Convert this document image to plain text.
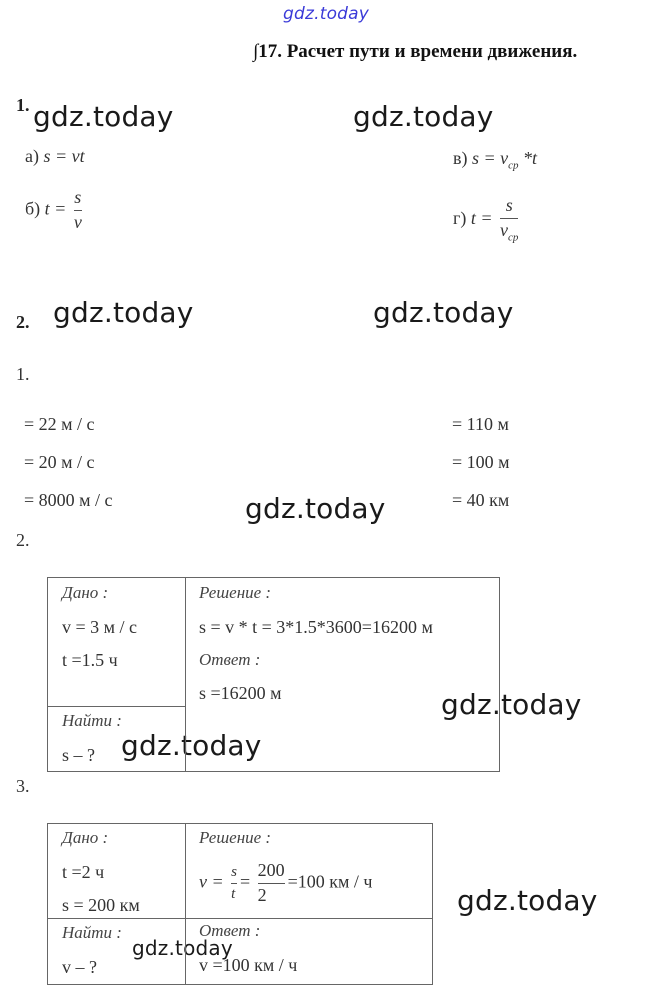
gdz.today
gdz.today	gdz.today
gdz.today	gdz.today
gdz.today
gdz.today
gdz.today
gdz.today
gdz.today
∫17. Расчет пути и времени движения.
1.
а) s = vt
б) $t = \frac{s}{v}$
в) $s = v_{ср}$ *t
г) $t = \frac{s}{v_{ср}}$
2.
1.
= 22 м / с
= 20 м / с
= 8000 м / с
= 110 м
= 100 м
= 40 км
2.
Дано :
v = 3 м / с
t =1.5 ч
Найти :
s – ?
Решение :
s = v * t = 3*1.5*3600=16200 м
Ответ :
s =16200 м
3.
Дано :
t =2 ч
s = 200 км
Найти :
v – ?
Решение :
$v = \frac{s}{t} = \frac{200}{2} =100$ км / ч
Ответ :
v =100 км / ч
